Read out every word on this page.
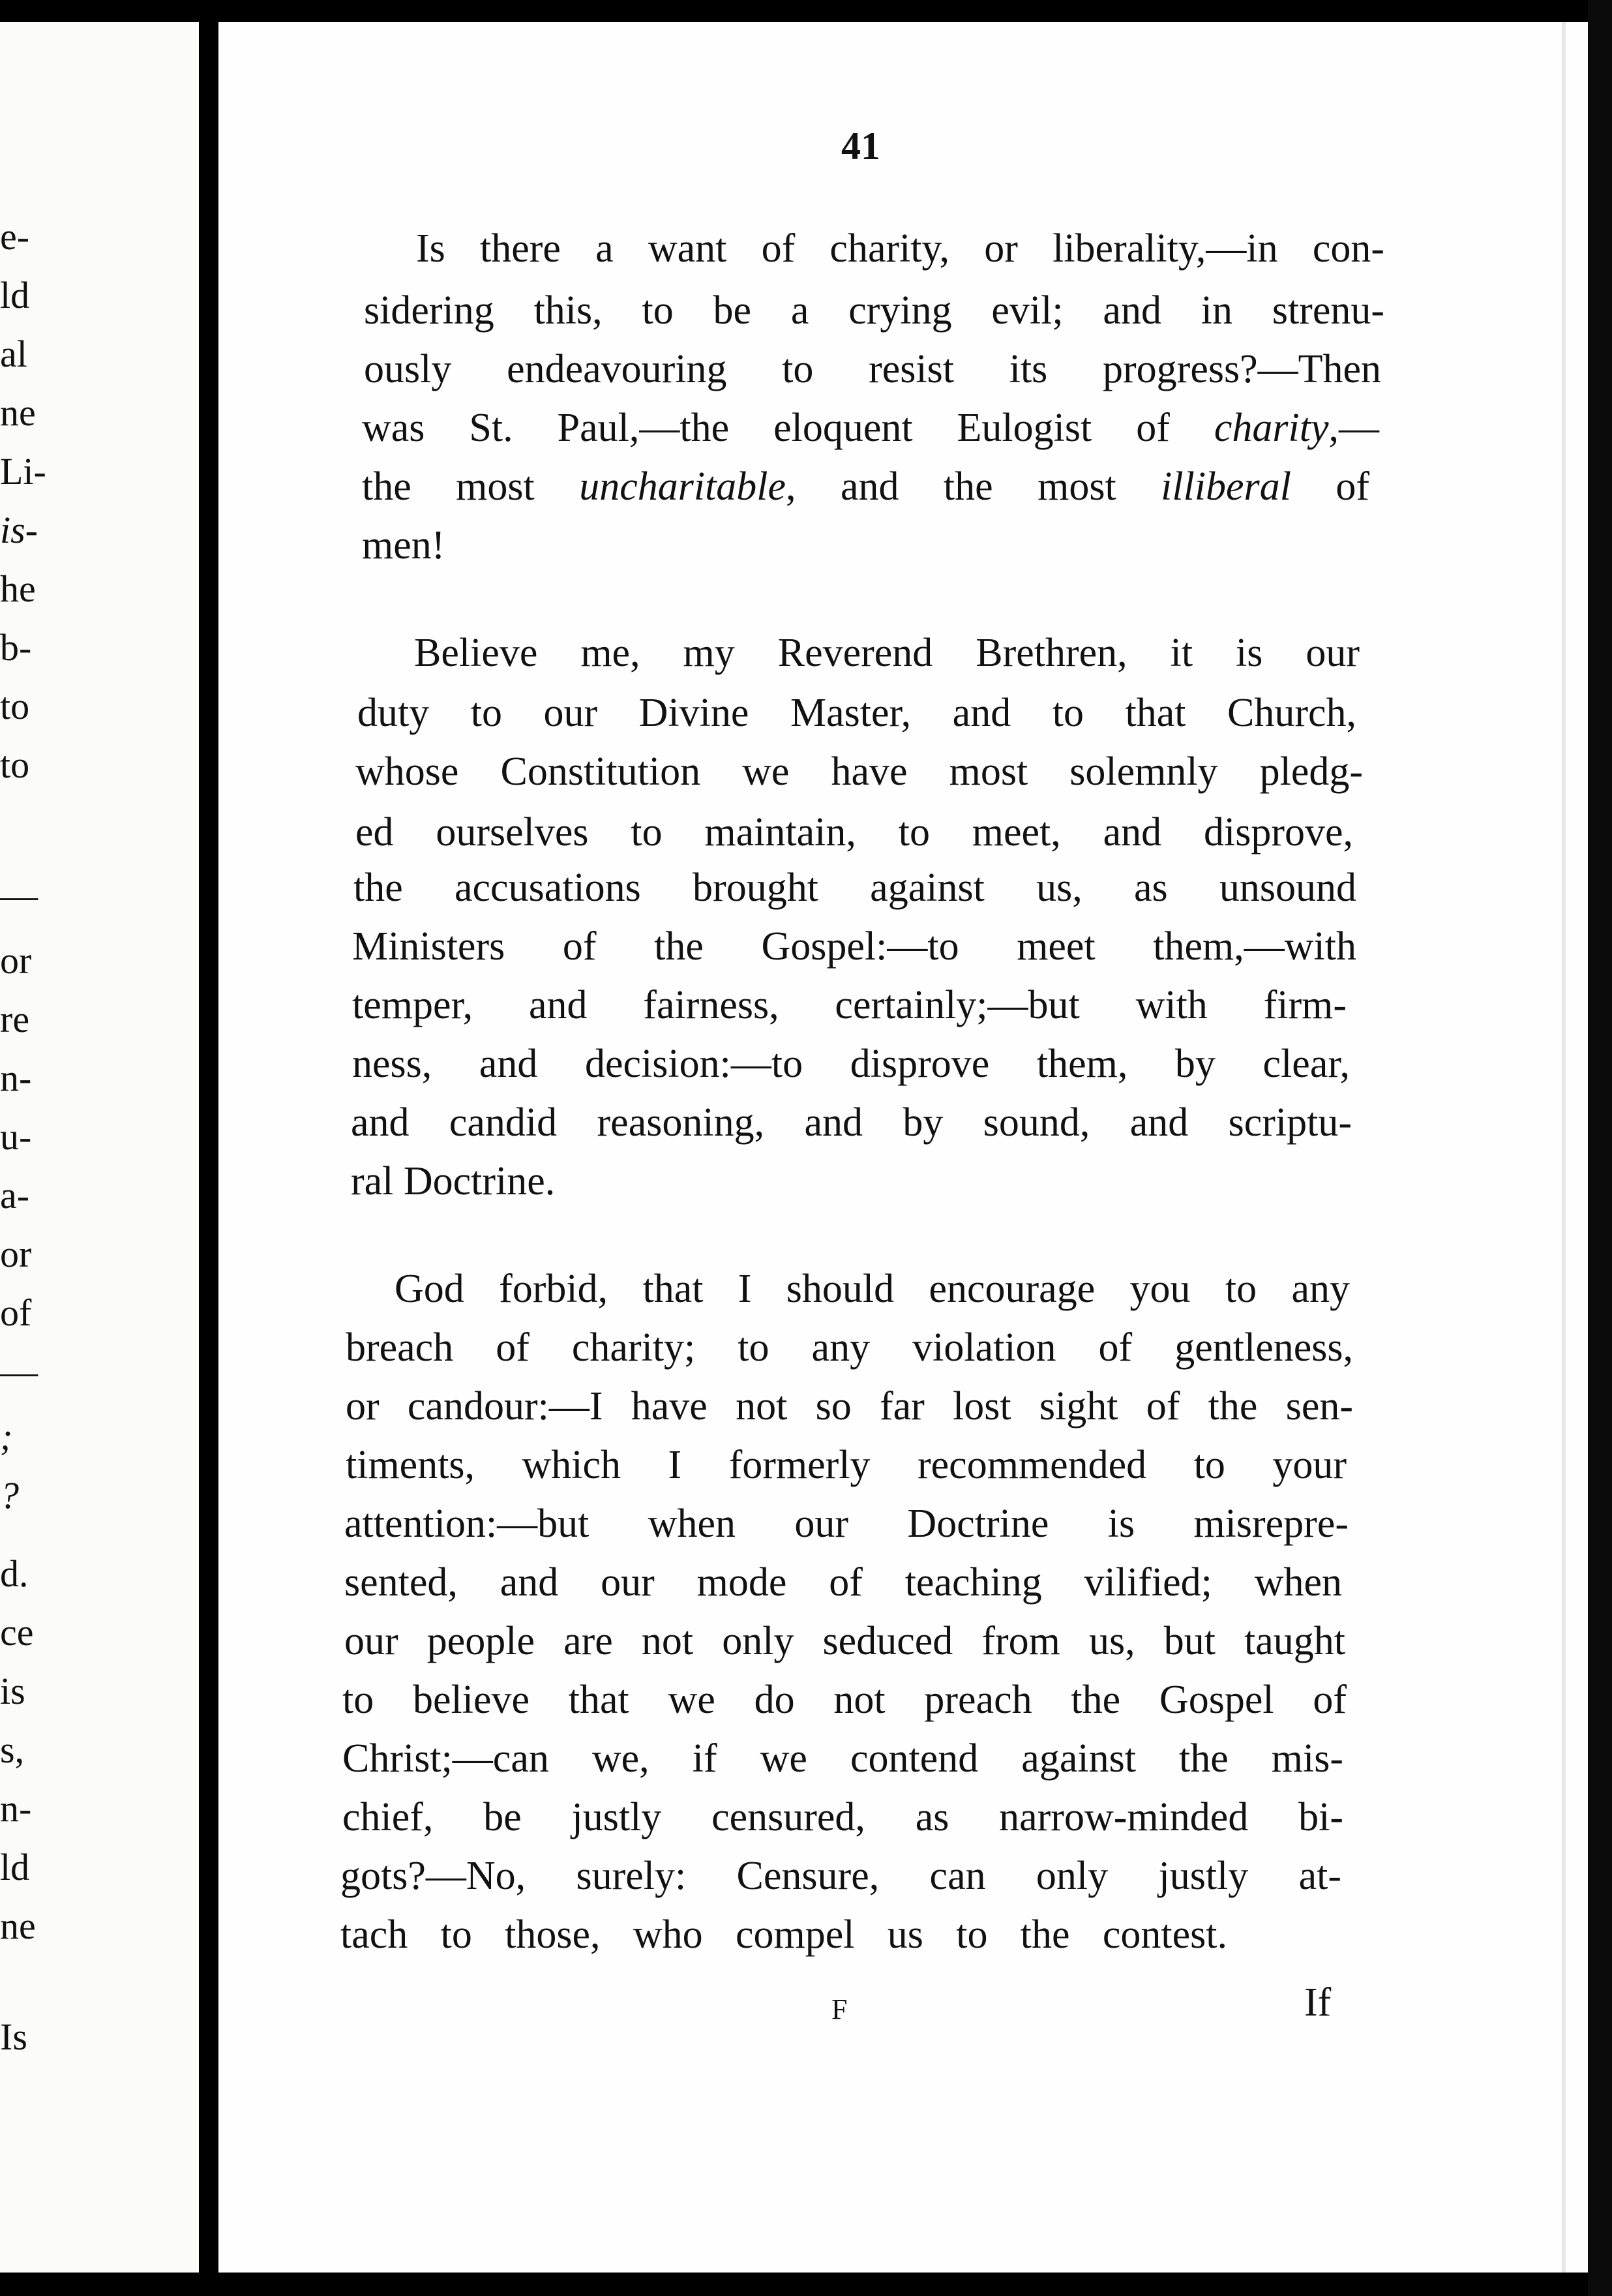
e-
ld
al
ne
Li-
is-
he
b-
to
to
—
or
re
n-
u-
a-
or
of
—
;
?
d.
ce
is
s,
n-
ld
ne
Is
41
Is there a want of charity, or liberality,—in con-
sidering this, to be a crying evil; and in strenu-
ously endeavouring to resist its progress?—Then
was St. Paul,—the eloquent Eulogist of charity,—
the most uncharitable, and the most illiberal of
men!
Believe me, my Reverend Brethren, it is our
duty to our Divine Master, and to that Church,
whose Constitution we have most solemnly pledg-
ed ourselves to maintain, to meet, and disprove,
the accusations brought against us, as unsound
Ministers of the Gospel:—to meet them,—with
temper, and fairness, certainly;—but with firm-
ness, and decision:—to disprove them, by clear,
and candid reasoning, and by sound, and scriptu-
ral Doctrine.
God forbid, that I should encourage you to any
breach of charity; to any violation of gentleness,
or candour:—I have not so far lost sight of the sen-
timents, which I formerly recommended to your
attention:—but when our Doctrine is misrepre-
sented, and our mode of teaching vilified; when
our people are not only seduced from us, but taught
to believe that we do not preach the Gospel of
Christ;—can we, if we contend against the mis-
chief, be justly censured, as narrow-minded bi-
gots?—No, surely: Censure, can only justly at-
tach to those, who compel us to the contest.
F	If
